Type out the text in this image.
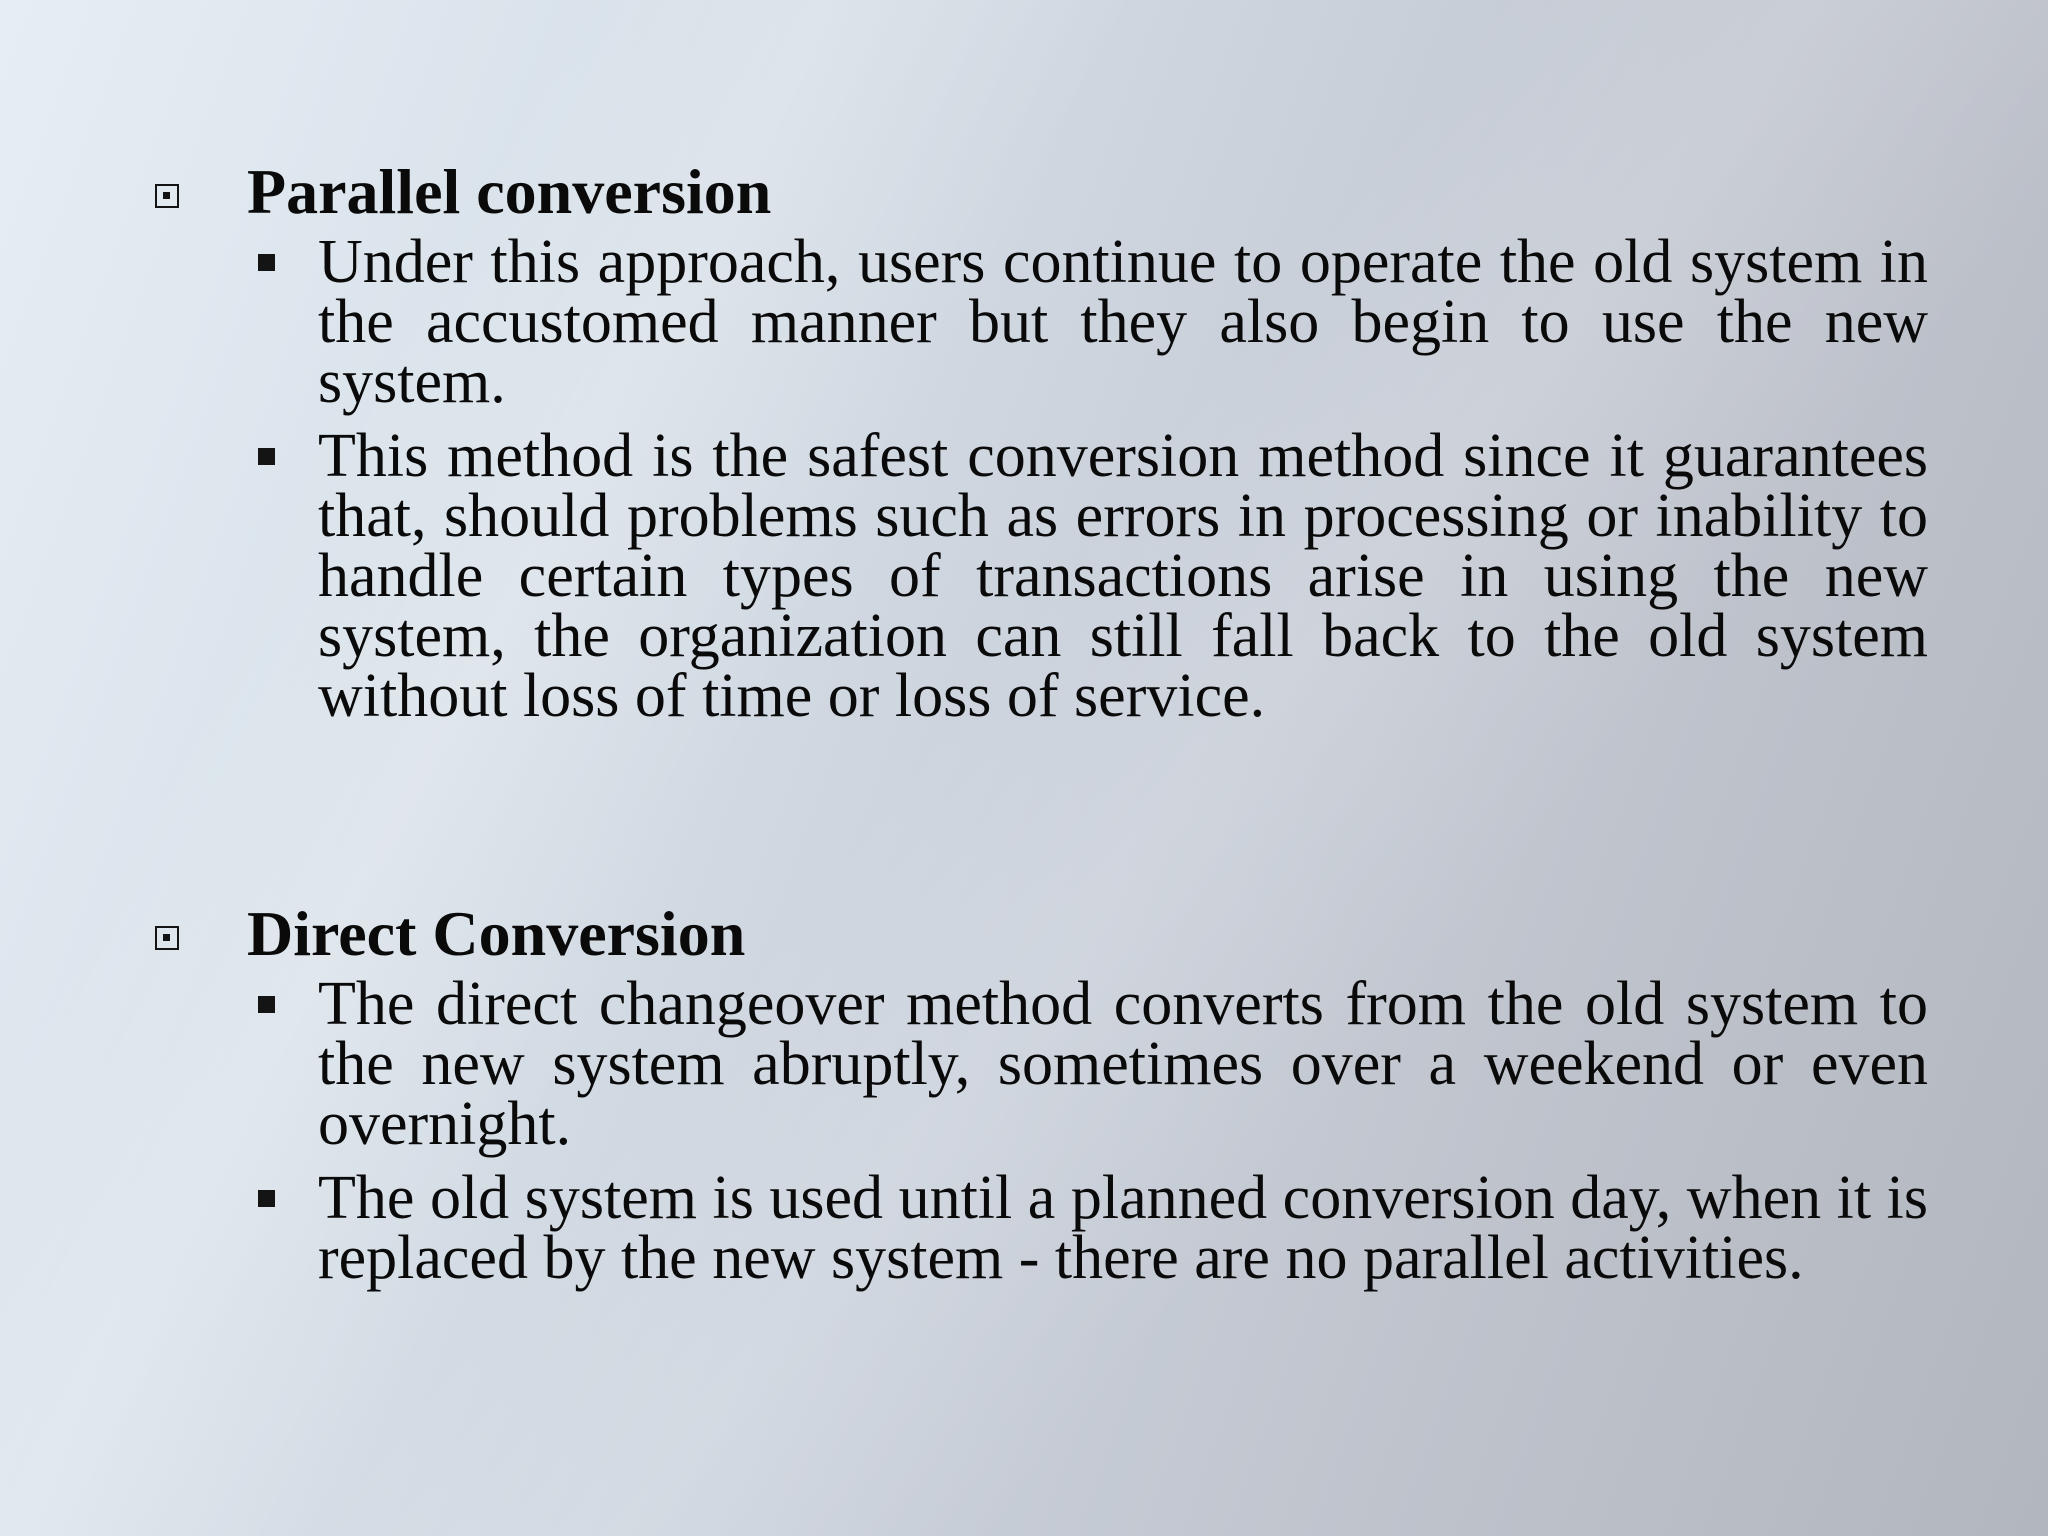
Parallel conversion
Under this approach, users continue to operate the old system in the accustomed manner but they also begin to use the new system.
This method is the safest conversion method since it guarantees that, should problems such as errors in processing or inability to handle certain types of transactions arise in using the new system, the organization can still fall back to the old system without loss of time or loss of service.
Direct Conversion
The direct changeover method converts from the old system to the new system abruptly, sometimes over a weekend or even overnight.
The old system is used until a planned conversion day, when it is replaced by the new system - there are no parallel activities.
